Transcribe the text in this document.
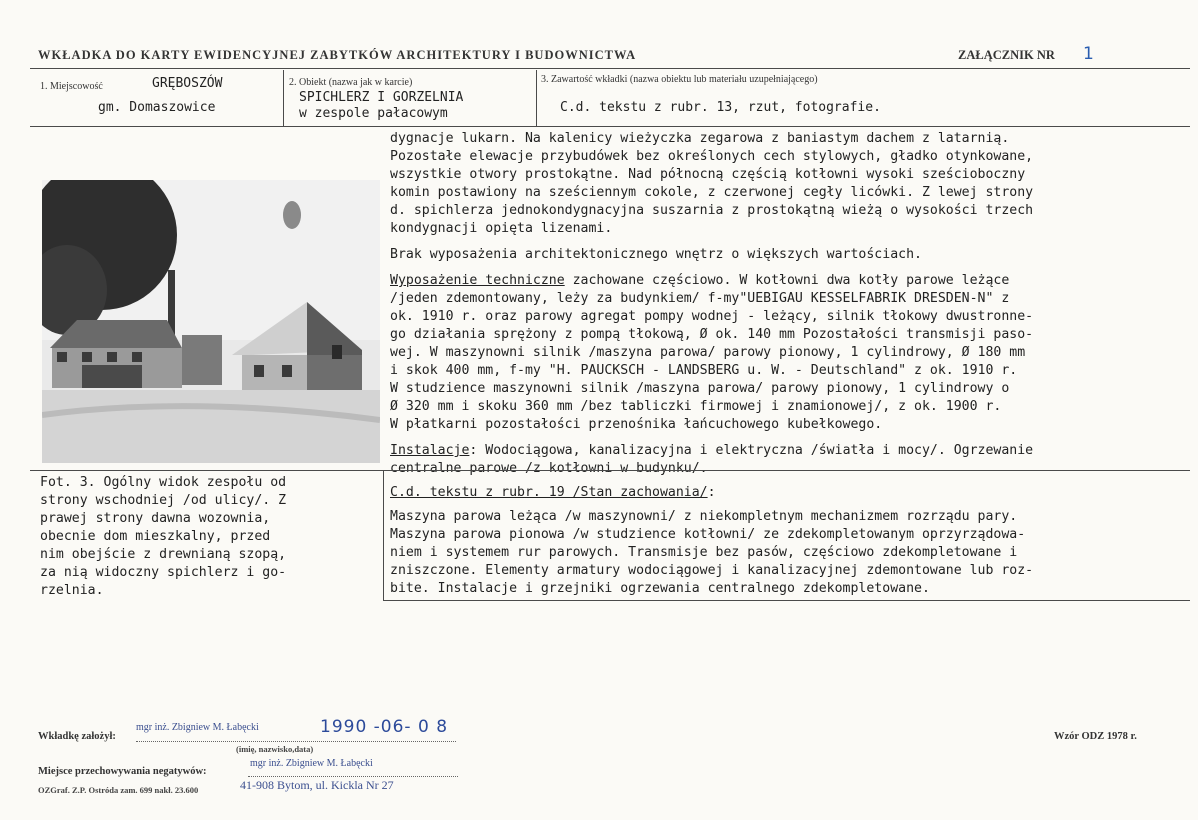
WKŁADKA DO KARTY EWIDENCYJNEJ ZABYTKÓW ARCHITEKTURY I BUDOWNICTWA	ZAŁĄCZNIK NR 1
1. Miejscowość	GRĘBOSZÓW
gm. Domaszowice
2. Obiekt (nazwa jak w karcie)
SPICHLERZ I GORZELNIA
w zespole pałacowym
3. Zawartość wkładki (nazwa obiektu lub materiału uzupełniającego)
C.d. tekstu z rubr. 13, rzut, fotografie.
dygnacje lukarn. Na kalenicy wieżyczka zegarowa z baniastym dachem z latarnią.
Pozostałe elewacje przybudówek bez określonych cech stylowych, gładko otynkowane,
wszystkie otwory prostokątne. Nad północną częścią kotłowni wysoki sześcioboczny
komin postawiony na sześciennym cokole, z czerwonej cegły licówki. Z lewej strony
d. spichlerza jednokondygnacyjna suszarnia z prostokątną wieżą o wysokości trzech
kondygnacji opięta lizenami.
Brak wyposażenia architektonicznego wnętrz o większych wartościach.
Wyposażenie techniczne zachowane częściowo. W kotłowni dwa kotły parowe leżące
/jeden zdemontowany, leży za budynkiem/ f-my"UEBIGAU KESSELFABRIK DRESDEN-N" z
ok. 1910 r. oraz parowy agregat pompy wodnej - leżący, silnik tłokowy dwustronne-
go działania sprężony z pompą tłokową, Ø ok. 140 mm Pozostałości transmisji paso-
wej. W maszynowni silnik /maszyna parowa/ parowy pionowy, 1 cylindrowy, Ø 180 mm
i skok 400 mm, f-my "H. PAUCKSCH - LANDSBERG u. W. - Deutschland" z ok. 1910 r.
W studzience maszynowni silnik /maszyna parowa/ parowy pionowy, 1 cylindrowy o
Ø 320 mm i skoku 360 mm /bez tabliczki firmowej i znamionowej/, z ok. 1900 r.
W płatkarni pozostałości przenośnika łańcuchowego kubełkowego.
Instalacje: Wodociągowa, kanalizacyjna i elektryczna /światła i mocy/. Ogrzewanie
centralne parowe /z kotłowni w budynku/.
Fot. 3. Ogólny widok zespołu od
strony wschodniej /od ulicy/. Z
prawej strony dawna wozownia,
obecnie dom mieszkalny, przed
nim obejście z drewnianą szopą,
za nią widoczny spichlerz i go-
rzelnia.
C.d. tekstu z rubr. 19 /Stan zachowania/:
Maszyna parowa leżąca /w maszynowni/ z niekompletnym mechanizmem rozrządu pary.
Maszyna parowa pionowa /w studzience kotłowni/ ze zdekompletowanym oprzyrządowa-
niem i systemem rur parowych. Transmisje bez pasów, częściowo zdekompletowane i
zniszczone. Elementy armatury wodociągowej i kanalizacyjnej zdemontowane lub roz-
bite. Instalacje i grzejniki ogrzewania centralnego zdekompletowane.
Wkładkę założył:
mgr inż. Zbigniew M. Łabęcki	1990 -06- 0 8
(imię, nazwisko,data)
Miejsce przechowywania negatywów:
mgr inż. Zbigniew M. Łabęcki
41-908 Bytom, ul. Kickla Nr 27
OZGraf. Z.P. Ostróda zam. 699 nakł. 23.600
Wzór ODZ 1978 r.
